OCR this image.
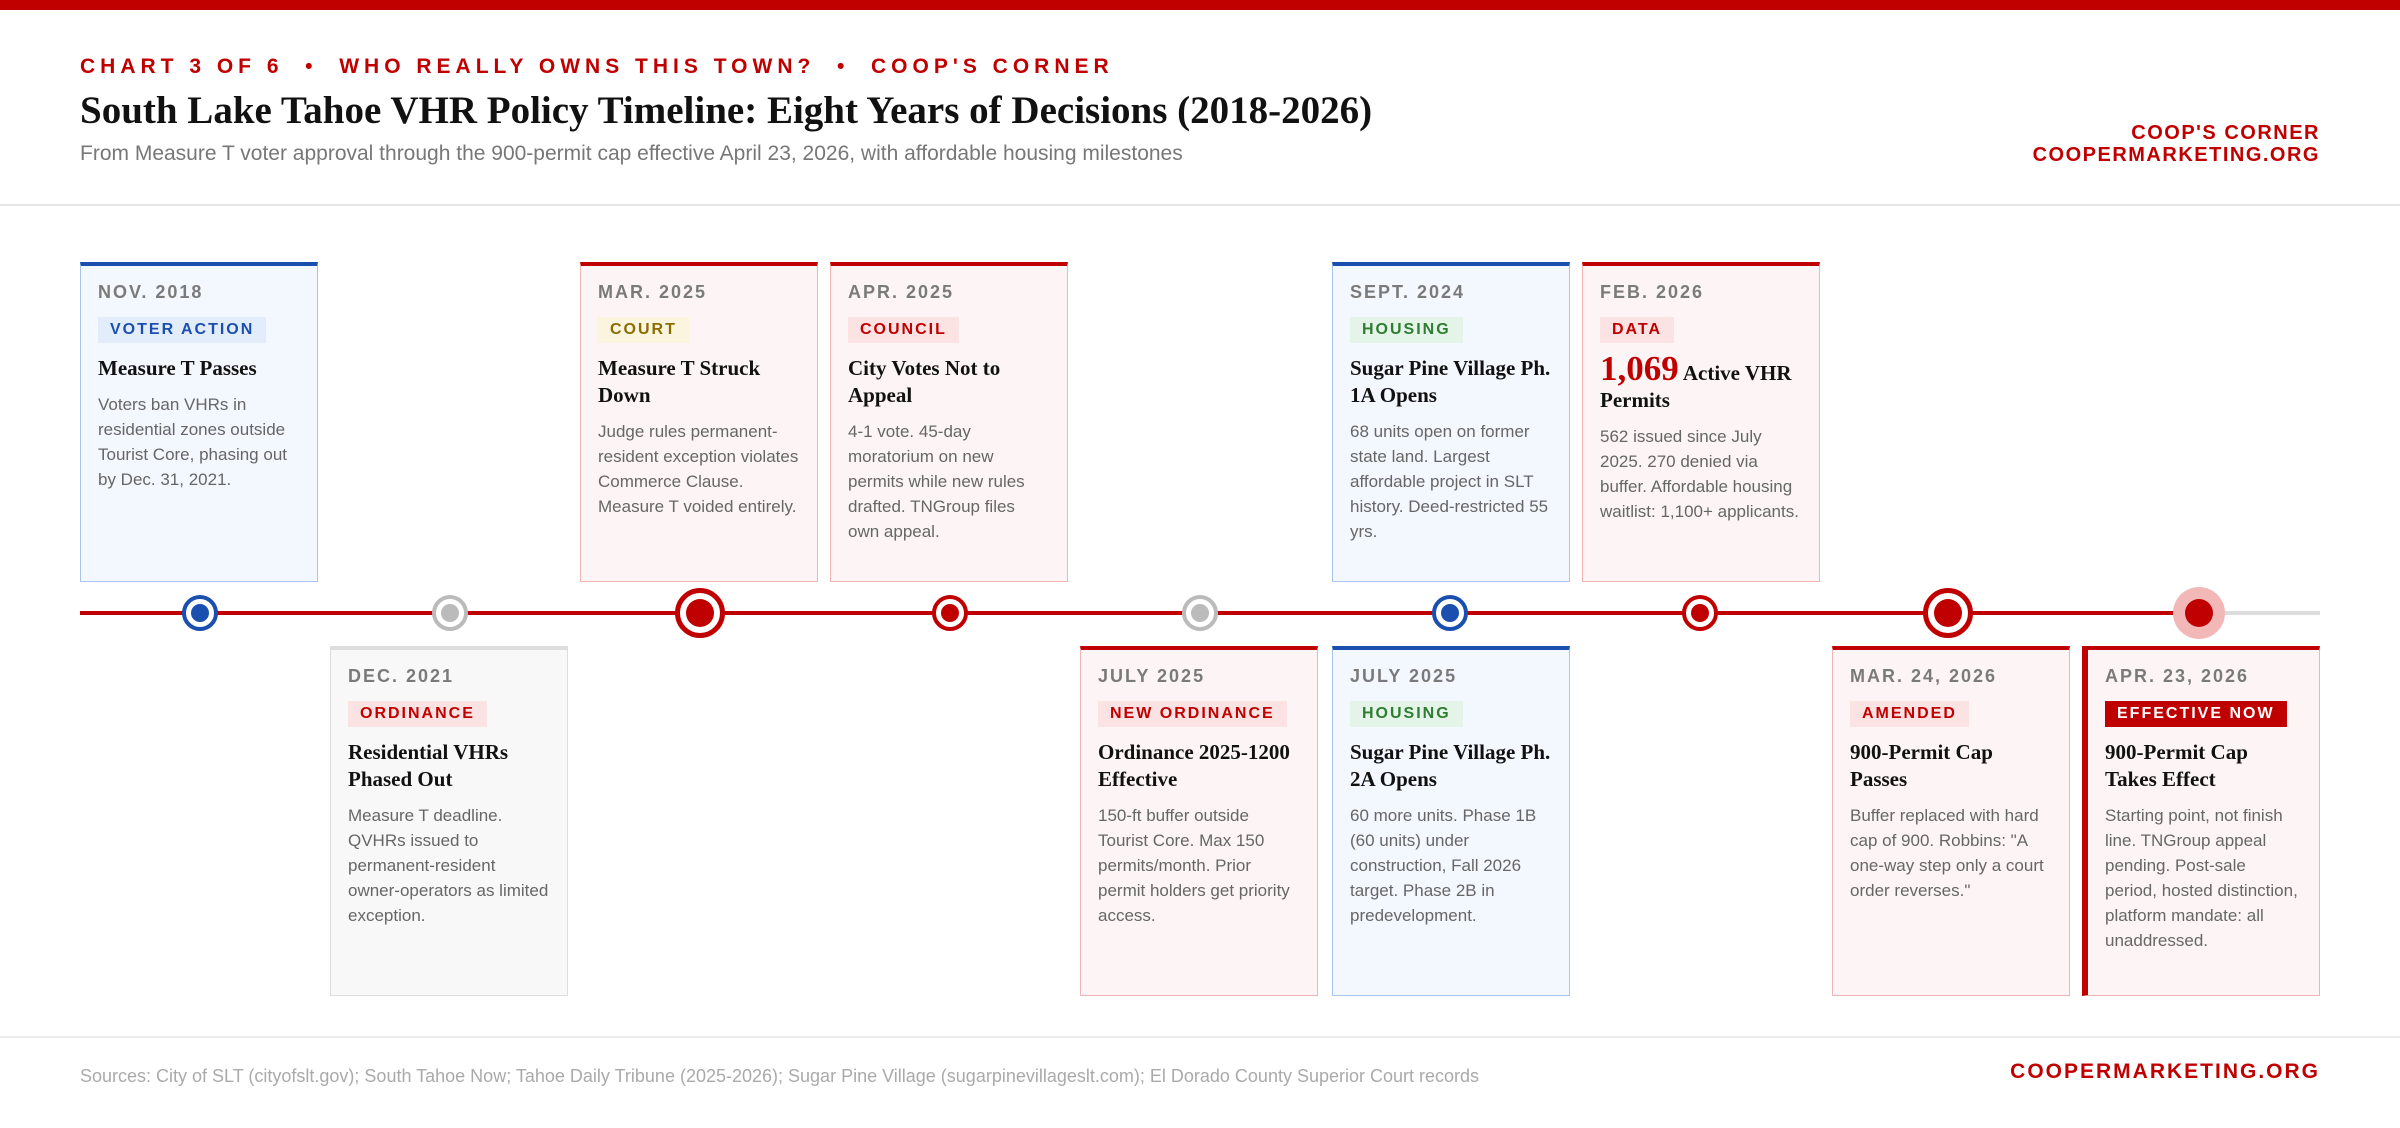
CHART 3 OF 6  •  WHO REALLY OWNS THIS TOWN?  •  COOP'S CORNER
South Lake Tahoe VHR Policy Timeline: Eight Years of Decisions (2018-2026)
From Measure T voter approval through the 900-permit cap effective April 23, 2026, with affordable housing milestones
COOP'S CORNER
COOPERMARKETING.ORG
NOV. 2018
VOTER ACTION
Measure T Passes
Voters ban VHRs in residential zones outside Tourist Core, phasing out by Dec. 31, 2021.
MAR. 2025
COURT
Measure T Struck Down
Judge rules permanent-resident exception violates Commerce Clause. Measure T voided entirely.
APR. 2025
COUNCIL
City Votes Not to Appeal
4-1 vote. 45-day moratorium on new permits while new rules drafted. TNGroup files own appeal.
SEPT. 2024
HOUSING
Sugar Pine Village Ph. 1A Opens
68 units open on former state land. Largest affordable project in SLT history. Deed-restricted 55 yrs.
FEB. 2026
DATA
1,069 Active VHR Permits
562 issued since July 2025. 270 denied via buffer. Affordable housing waitlist: 1,100+ applicants.
DEC. 2021
ORDINANCE
Residential VHRs Phased Out
Measure T deadline. QVHRs issued to permanent-resident owner-operators as limited exception.
JULY 2025
NEW ORDINANCE
Ordinance 2025-1200 Effective
150-ft buffer outside Tourist Core. Max 150 permits/month. Prior permit holders get priority access.
JULY 2025
HOUSING
Sugar Pine Village Ph. 2A Opens
60 more units. Phase 1B (60 units) under construction, Fall 2026 target. Phase 2B in predevelopment.
MAR. 24, 2026
AMENDED
900-Permit Cap Passes
Buffer replaced with hard cap of 900. Robbins: "A one-way step only a court order reverses."
APR. 23, 2026
EFFECTIVE NOW
900-Permit Cap Takes Effect
Starting point, not finish line. TNGroup appeal pending. Post-sale period, hosted distinction, platform mandate: all unaddressed.
Sources: City of SLT (cityofslt.gov); South Tahoe Now; Tahoe Daily Tribune (2025-2026); Sugar Pine Village (sugarpinevillageslt.com); El Dorado County Superior Court records	COOPERMARKETING.ORG
